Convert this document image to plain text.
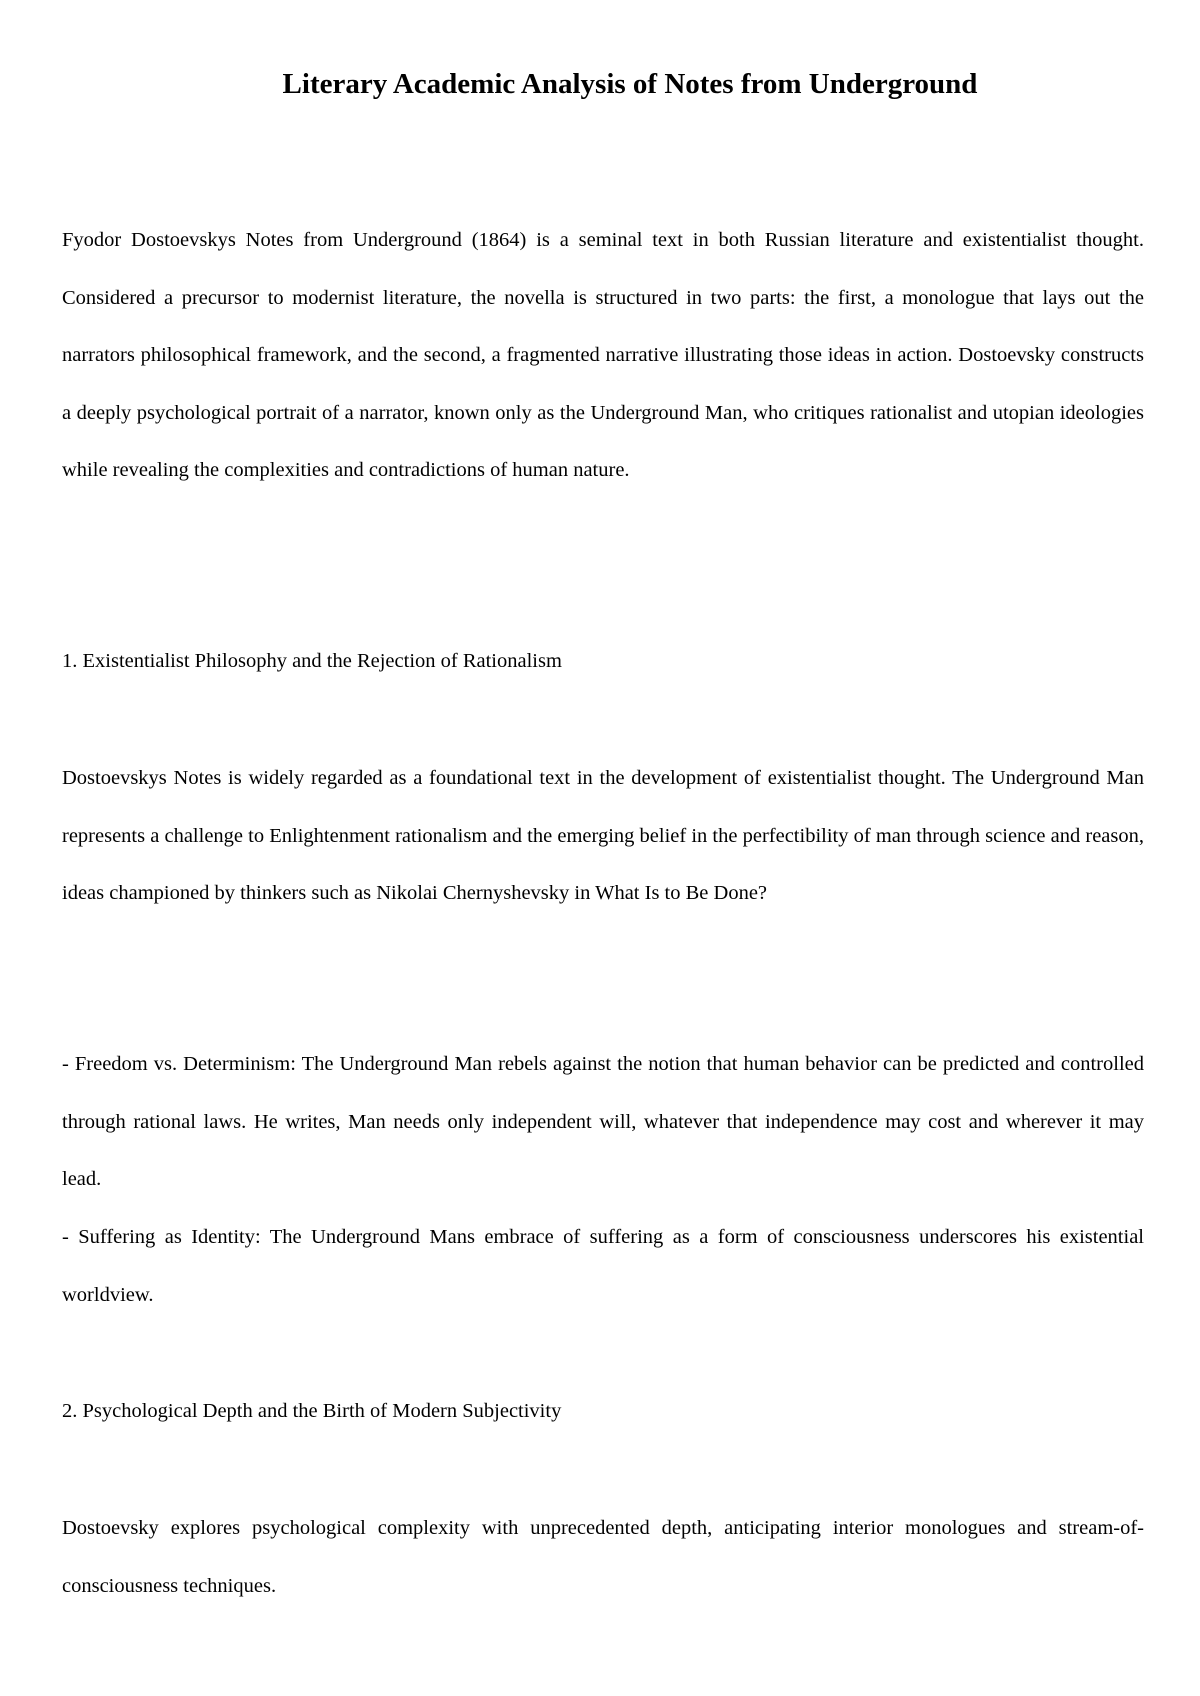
Literary Academic Analysis of Notes from Underground

Fyodor Dostoevskys Notes from Underground (1864) is a seminal text in both Russian literature and existentialist thought. Considered a precursor to modernist literature, the novella is structured in two parts: the first, a monologue that lays out the narrators philosophical framework, and the second, a fragmented narrative illustrating those ideas in action. Dostoevsky constructs a deeply psychological portrait of a narrator, known only as the Underground Man, who critiques rationalist and utopian ideologies while revealing the complexities and contradictions of human nature.

1. Existentialist Philosophy and the Rejection of Rationalism

Dostoevskys Notes is widely regarded as a foundational text in the development of existentialist thought. The Underground Man represents a challenge to Enlightenment rationalism and the emerging belief in the perfectibility of man through science and reason, ideas championed by thinkers such as Nikolai Chernyshevsky in What Is to Be Done?

- Freedom vs. Determinism: The Underground Man rebels against the notion that human behavior can be predicted and controlled through rational laws. He writes, Man needs only independent will, whatever that independence may cost and wherever it may lead.

- Suffering as Identity: The Underground Mans embrace of suffering as a form of consciousness underscores his existential worldview.

2. Psychological Depth and the Birth of Modern Subjectivity

Dostoevsky explores psychological complexity with unprecedented depth, anticipating interior monologues and stream-of-consciousness techniques.
